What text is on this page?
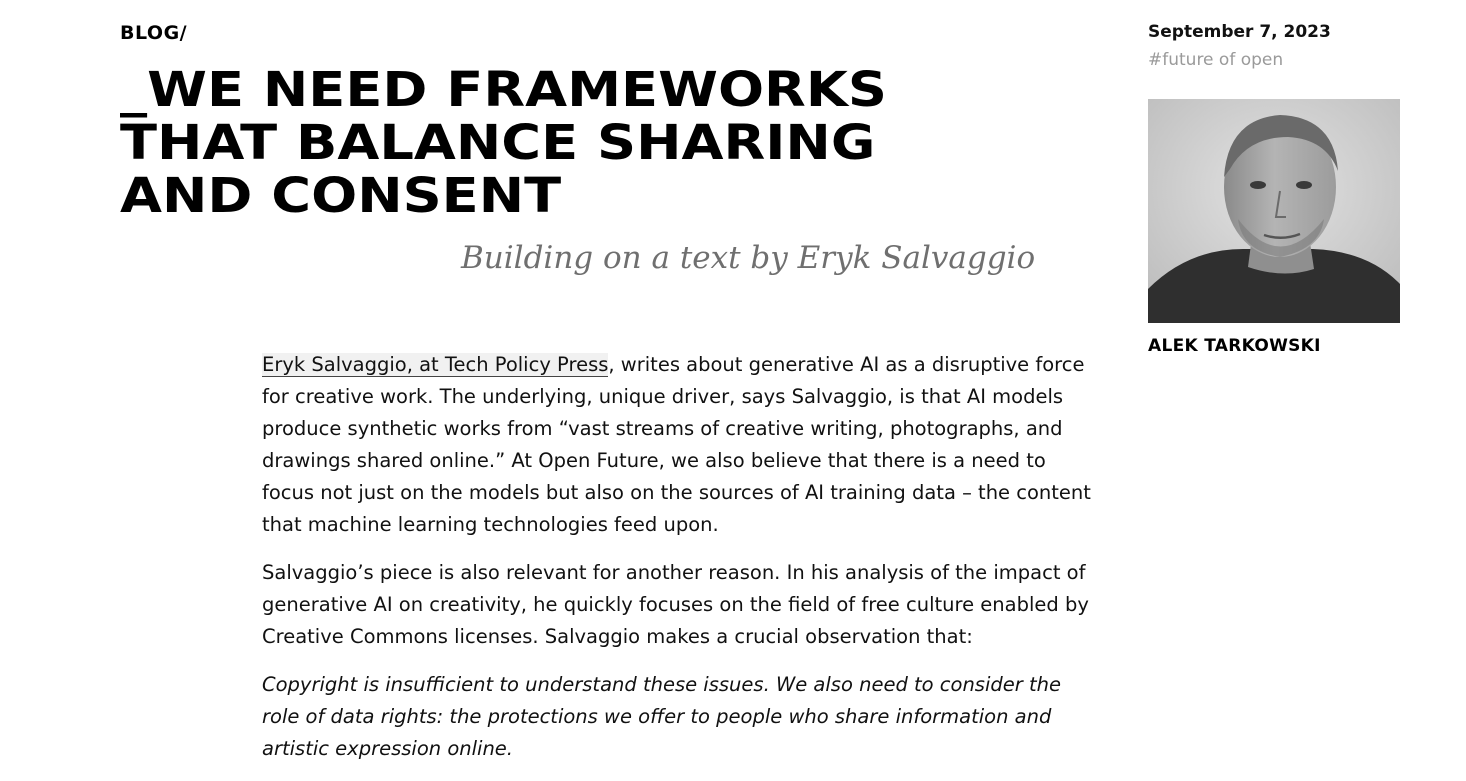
BLOG/
_WE NEED FRAMEWORKS
THAT BALANCE SHARING
AND CONSENT
Building on a text by Eryk Salvaggio

Eryk Salvaggio, at Tech Policy Press, writes about generative AI as a disruptive force for creative work. The underlying, unique driver, says Salvaggio, is that AI models produce synthetic works from “vast streams of creative writing, photographs, and drawings shared online.” At Open Future, we also believe that there is a need to focus not just on the models but also on the sources of AI training data – the content that machine learning technologies feed upon.

Salvaggio’s piece is also relevant for another reason. In his analysis of the impact of generative AI on creativity, he quickly focuses on the field of free culture enabled by Creative Commons licenses. Salvaggio makes a crucial observation that:

Copyright is insufficient to understand these issues. We also need to consider the role of data rights: the protections we offer to people who share information and artistic expression online.

September 7, 2023
#future of open
ALEK TARKOWSKI
